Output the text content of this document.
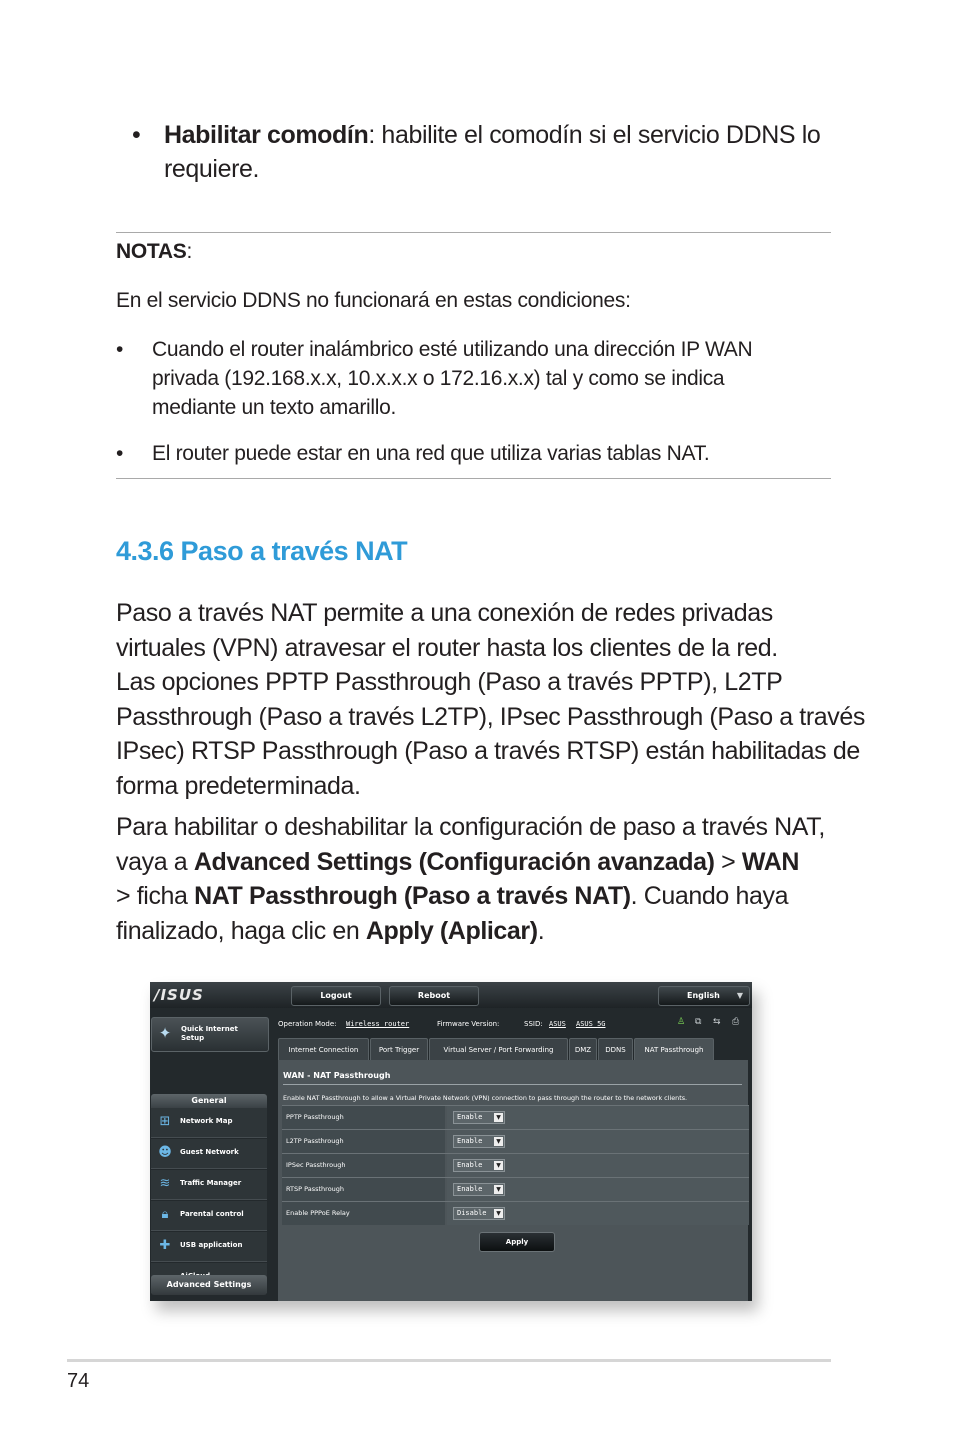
• Habilitar comodín: habilite el comodín si el servicio DDNS lo
requiere.
NOTAS:
En el servicio DDNS no funcionará en estas condiciones:
• Cuando el router inalámbrico esté utilizando una dirección IP WAN
privada (192.168.x.x, 10.x.x.x o 172.16.x.x) tal y como se indica
mediante un texto amarillo.
• El router puede estar en una red que utiliza varias tablas NAT.
4.3.6 Paso a través NAT
Paso a través NAT permite a una conexión de redes privadas
virtuales (VPN) atravesar el router hasta los clientes de la red.
Las opciones PPTP Passthrough (Paso a través PPTP), L2TP
Passthrough (Paso a través L2TP), IPsec Passthrough (Paso a través
IPsec) RTSP Passthrough (Paso a través RTSP) están habilitadas de
forma predeterminada.
Para habilitar o deshabilitar la configuración de paso a través NAT,
vaya a Advanced Settings (Configuración avanzada) > WAN
> ficha NAT Passthrough (Paso a través NAT). Cuando haya
finalizado, haga clic en Apply (Aplicar).
/ISUS	Logout	Reboot	English ▼
✦	Quick Internet
Setup
General
⊞	Network Map
☻	Guest Network
≋	Traffic Manager
🔒︎	Parental control
✚	USB application
Advanced Settings
Operation Mode: Wireless router	Firmware Version:	SSID: ASUS ASUS_5G	♙ ⧉ ⇆ ⎙
Internet Connection	Port Trigger	Virtual Server / Port Forwarding	DMZ	DDNS	NAT Passthrough
WAN - NAT Passthrough
Enable NAT Passthrough to allow a Virtual Private Network (VPN) connection to pass through the router to the network clients.
PPTP Passthrough	Enable	▼
L2TP Passthrough	Enable	▼
IPSec Passthrough	Enable	▼
RTSP Passthrough	Enable	▼
Enable PPPoE Relay	Disable	▼
Apply
74
